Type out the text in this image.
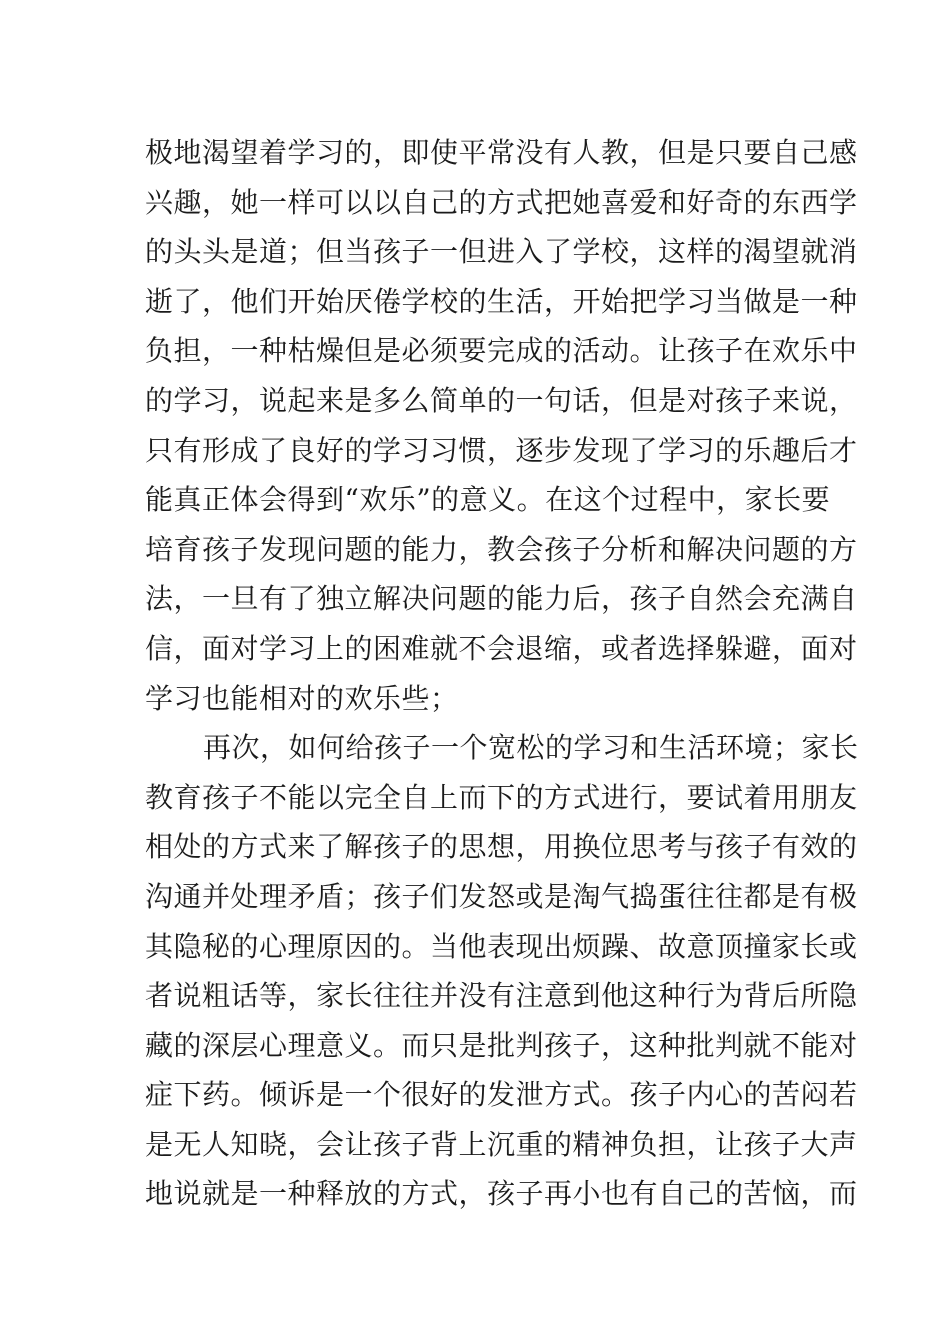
极地渴望着学习的，即使平常没有人教，但是只要自己感
兴趣，她一样可以以自己的方式把她喜爱和好奇的东西学
的头头是道；但当孩子一但进入了学校，这样的渴望就消
逝了，他们开始厌倦学校的生活，开始把学习当做是一种
负担，一种枯燥但是必须要完成的活动。让孩子在欢乐中
的学习，说起来是多么简单的一句话，但是对孩子来说，
只有形成了良好的学习习惯，逐步发现了学习的乐趣后才
能真正体会得到“欢乐”的意义。在这个过程中，家长要
培育孩子发现问题的能力，教会孩子分析和解决问题的方
法，一旦有了独立解决问题的能力后，孩子自然会充满自
信，面对学习上的困难就不会退缩，或者选择躲避，面对
学习也能相对的欢乐些；
再次，如何给孩子一个宽松的学习和生活环境；家长
教育孩子不能以完全自上而下的方式进行，要试着用朋友
相处的方式来了解孩子的思想，用换位思考与孩子有效的
沟通并处理矛盾；孩子们发怒或是淘气捣蛋往往都是有极
其隐秘的心理原因的。当他表现出烦躁、故意顶撞家长或
者说粗话等，家长往往并没有注意到他这种行为背后所隐
藏的深层心理意义。而只是批判孩子，这种批判就不能对
症下药。倾诉是一个很好的发泄方式。孩子内心的苦闷若
是无人知晓，会让孩子背上沉重的精神负担，让孩子大声
地说就是一种释放的方式，孩子再小也有自己的苦恼，而
